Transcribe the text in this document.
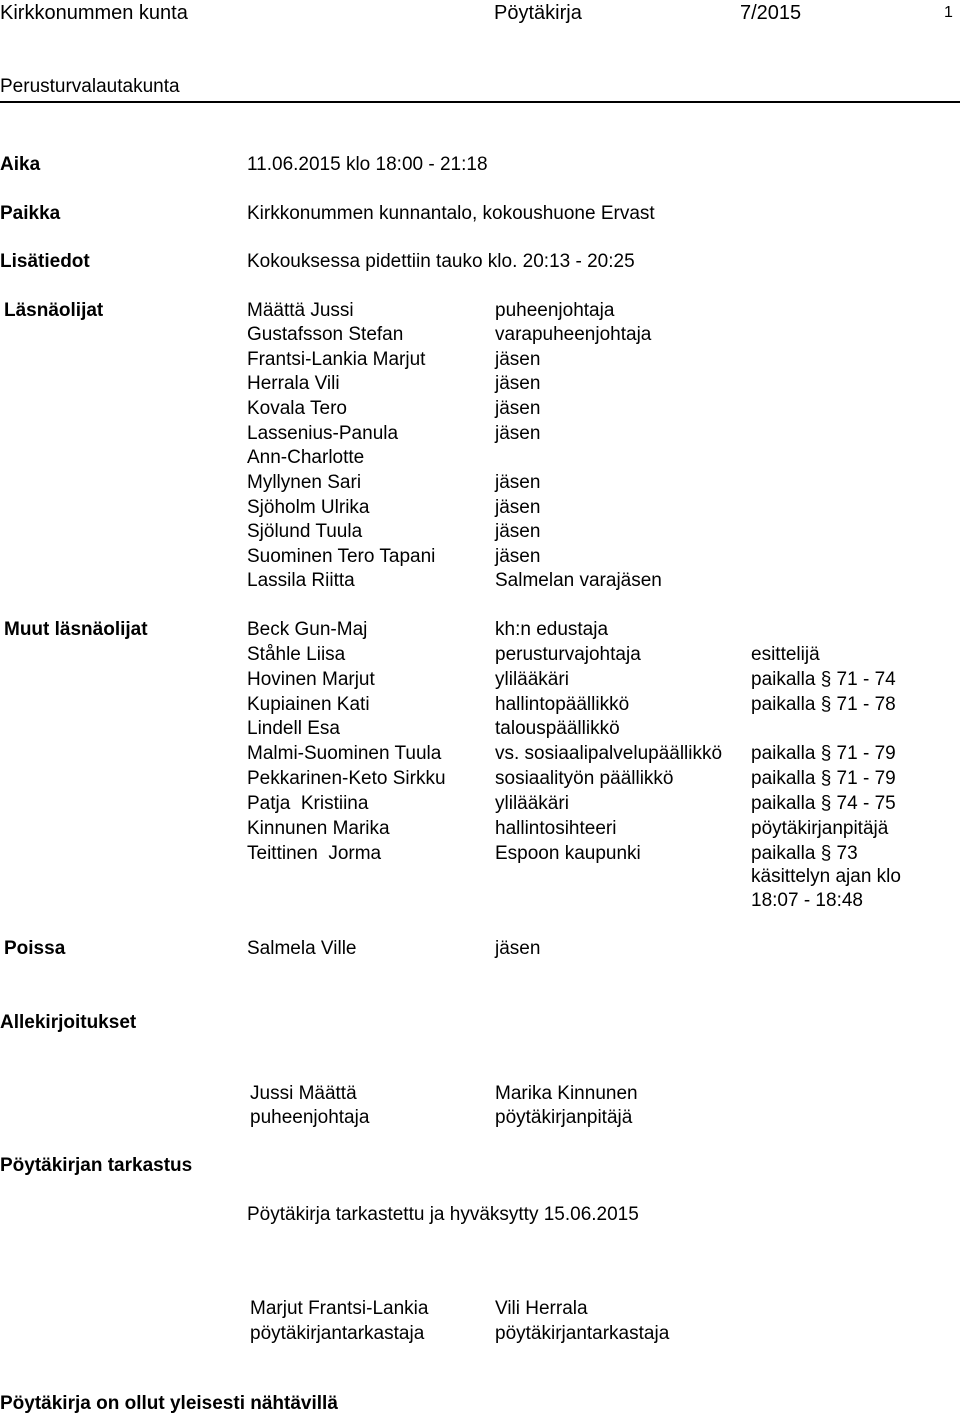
Kirkkonummen kunta	Pöytäkirja	7/2015	1
Perusturvalautakunta
Aika	11.06.2015 klo 18:00 - 21:18
Paikka	Kirkkonummen kunnantalo, kokoushuone Ervast
Lisätiedot	Kokouksessa pidettiin tauko klo. 20:13 - 20:25
Läsnäolijat	Määttä Jussi	puheenjohtaja
Gustafsson Stefan	varapuheenjohtaja
Frantsi-Lankia Marjut	jäsen
Herrala Vili	jäsen
Kovala Tero	jäsen
Lassenius-Panula	jäsen
Ann-Charlotte
Myllynen Sari	jäsen
Sjöholm Ulrika	jäsen
Sjölund Tuula	jäsen
Suominen Tero Tapani	jäsen
Lassila Riitta	Salmelan varajäsen
Muut läsnäolijat	Beck Gun-Maj	kh:n edustaja
Ståhle Liisa	perusturvajohtaja	esittelijä
Hovinen Marjut	ylilääkäri	paikalla § 71 - 74
Kupiainen Kati	hallintopäällikkö	paikalla § 71 - 78
Lindell Esa	talouspäällikkö
Malmi-Suominen Tuula	vs. sosiaalipalvelupäällikkö paikalla § 71 - 79
Pekkarinen-Keto Sirkku	sosiaalityön päällikkö	paikalla § 71 - 79
Patja  Kristiina	ylilääkäri	paikalla § 74 - 75
Kinnunen Marika	hallintosihteeri	pöytäkirjanpitäjä
Teittinen  Jorma	Espoon kaupunki	paikalla § 73
käsittelyn ajan klo
18:07 - 18:48
Poissa	Salmela Ville	jäsen
Allekirjoitukset
Jussi Määttä
puheenjohtaja
Marika Kinnunen
pöytäkirjanpitäjä
Pöytäkirjan tarkastus
Pöytäkirja tarkastettu ja hyväksytty 15.06.2015
Marjut Frantsi-Lankia
pöytäkirjantarkastaja
Vili Herrala
pöytäkirjantarkastaja
Pöytäkirja on ollut yleisesti nähtävillä
